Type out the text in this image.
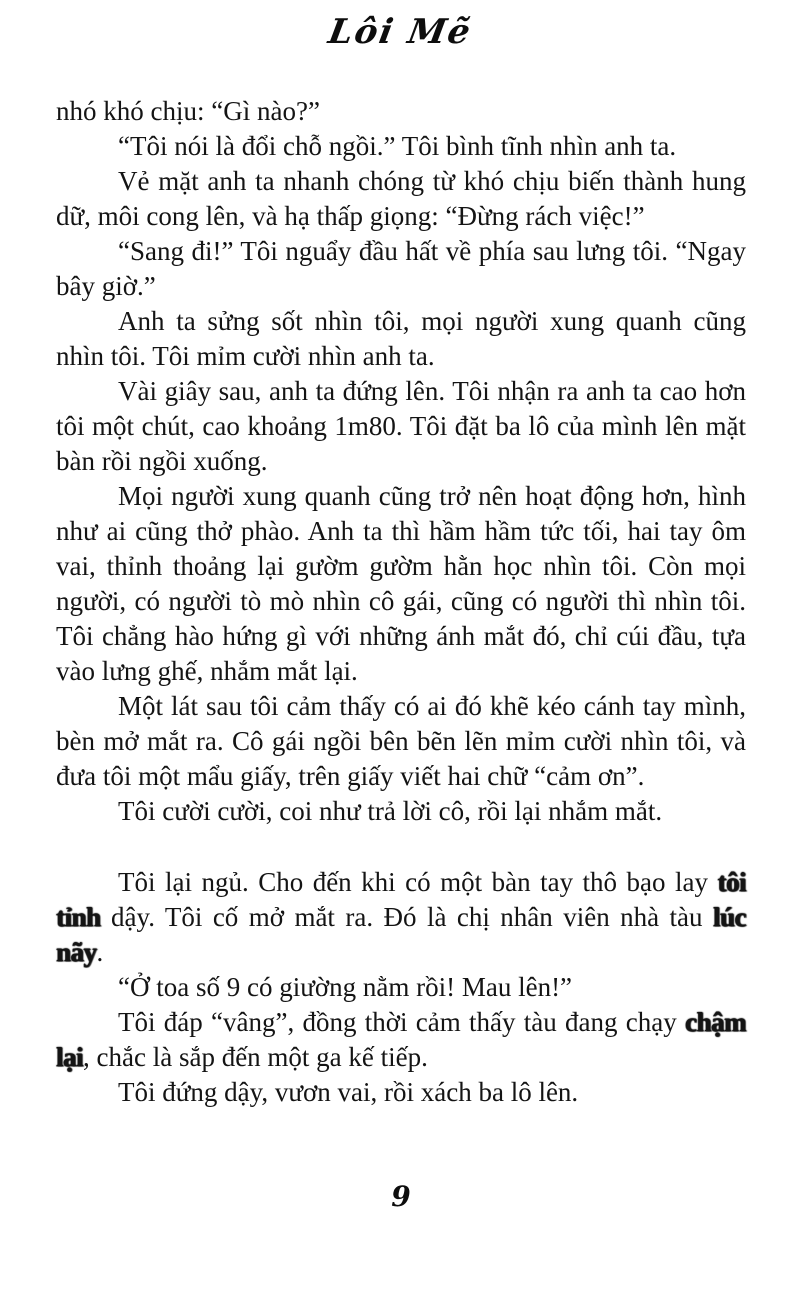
Lôi Mẽ

nhó khó chịu: “Gì nào?”

“Tôi nói là đổi chỗ ngồi.” Tôi bình tĩnh nhìn anh ta.

Vẻ mặt anh ta nhanh chóng từ khó chịu biến thành hung dữ, môi cong lên, và hạ thấp giọng: “Đừng rách việc!”

“Sang đi!” Tôi nguẩy đầu hất về phía sau lưng tôi. “Ngay bây giờ.”

Anh ta sửng sốt nhìn tôi, mọi người xung quanh cũng nhìn tôi. Tôi mỉm cười nhìn anh ta.

Vài giây sau, anh ta đứng lên. Tôi nhận ra anh ta cao hơn tôi một chút, cao khoảng 1m80. Tôi đặt ba lô của mình lên mặt bàn rồi ngồi xuống.

Mọi người xung quanh cũng trở nên hoạt động hơn, hình như ai cũng thở phào. Anh ta thì hầm hầm tức tối, hai tay ôm vai, thỉnh thoảng lại gườm gườm hằn học nhìn tôi. Còn mọi người, có người tò mò nhìn cô gái, cũng có người thì nhìn tôi. Tôi chẳng hào hứng gì với những ánh mắt đó, chỉ cúi đầu, tựa vào lưng ghế, nhắm mắt lại.

Một lát sau tôi cảm thấy có ai đó khẽ kéo cánh tay mình, bèn mở mắt ra. Cô gái ngồi bên bẽn lẽn mỉm cười nhìn tôi, và đưa tôi một mẩu giấy, trên giấy viết hai chữ “cảm ơn”.

Tôi cười cười, coi như trả lời cô, rồi lại nhắm mắt.

Tôi lại ngủ. Cho đến khi có một bàn tay thô bạo lay tôi tỉnh dậy. Tôi cố mở mắt ra. Đó là chị nhân viên nhà tàu lúc nãy.

“Ở toa số 9 có giường nằm rồi! Mau lên!”

Tôi đáp “vâng”, đồng thời cảm thấy tàu đang chạy chậm lại, chắc là sắp đến một ga kế tiếp.

Tôi đứng dậy, vươn vai, rồi xách ba lô lên.

9
